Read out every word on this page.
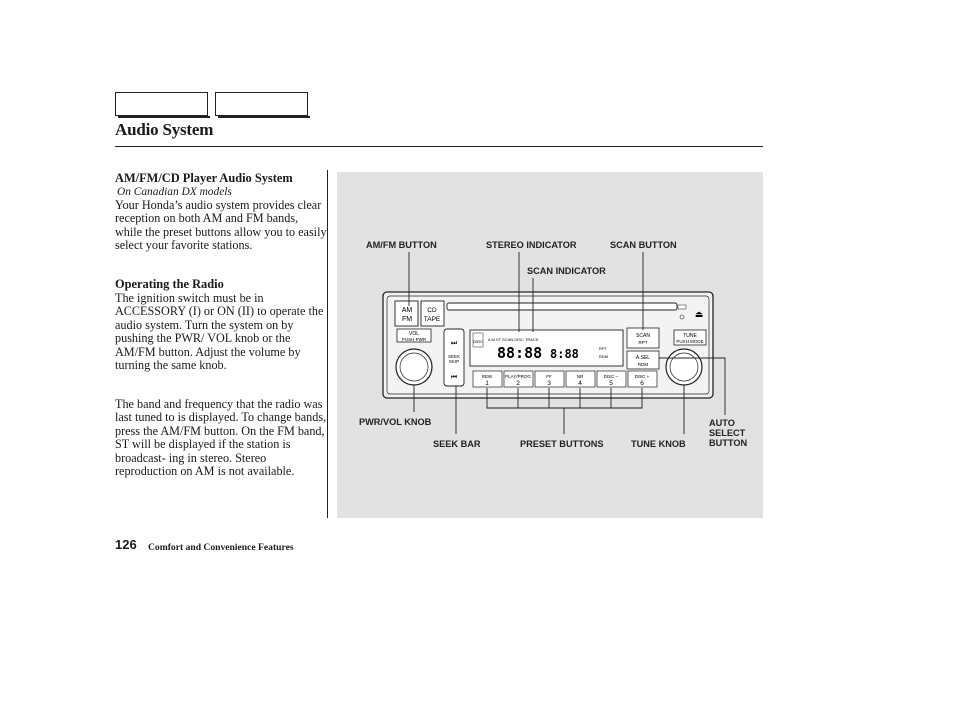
Audio System
AM/FM/CD Player Audio System
On Canadian DX models
Your Honda’s audio system provides clear reception on both AM and FM bands, while the preset buttons allow you to easily select your favorite stations.
Operating the Radio
The ignition switch must be in ACCESSORY (I) or ON (II) to operate the audio system. Turn the system on by pushing the PWR/ VOL knob or the AM/FM button. Adjust the volume by turning the same knob.
The band and frequency that the radio was last tuned to is displayed. To change bands, press the AM/FM button. On the FM band, ST will be displayed if the station is broadcast- ing in stereo. Stereo reproduction on AM is not available.
AM
FM
CD
TAPE
VOL
PUSH PWR
⏭
SEEK
SKIP
⏮
DIRC A M ST SCAN DISC TRACK
88:88 8:88	RPT
RDM
SCAN
RPT
A.SEL
RDM
⏏
TUNE
PUSH MODE
REW
1
PLAY/PROG
2
FF
3
NR
4
DISC −
5
DISC +
6
AM/FM BUTTON	STEREO INDICATOR	SCAN BUTTON
SCAN INDICATOR
PWR/VOL KNOB
SEEK BAR	PRESET BUTTONS	TUNE KNOB
AUTO
SELECT
BUTTON
126 Comfort and Convenience Features
